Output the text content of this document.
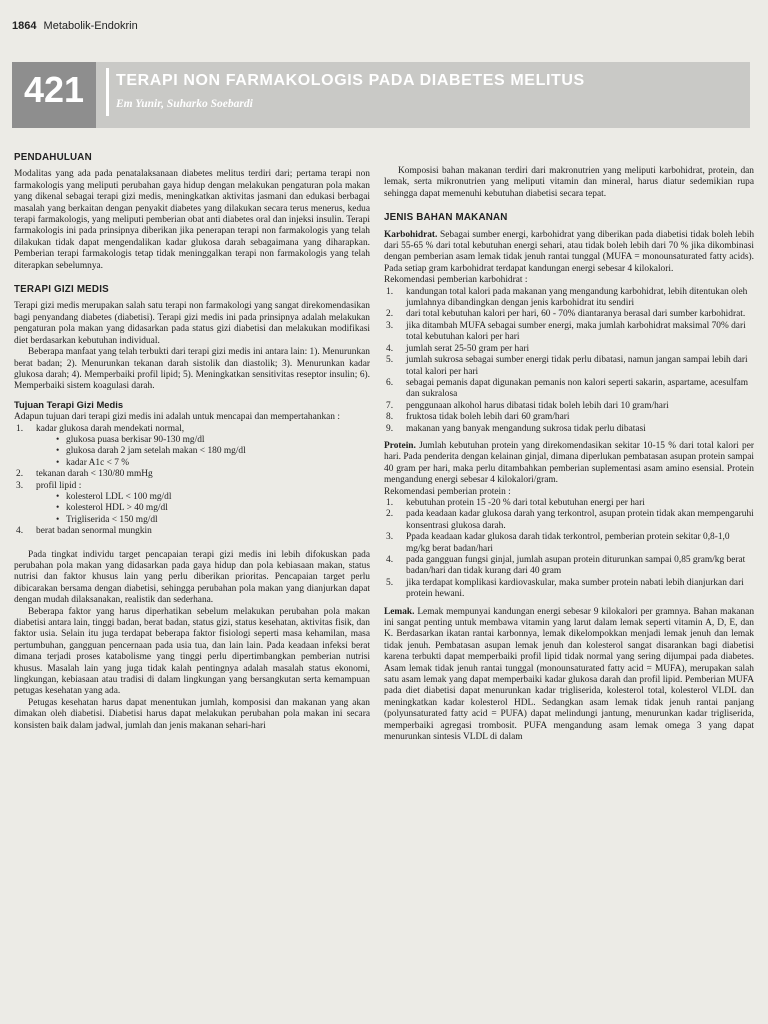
1864 Metabolik-Endokrin
421	TERAPI NON FARMAKOLOGIS PADA DIABETES MELITUS
Em Yunir, Suharko Soebardi
PENDAHULUAN

Modalitas yang ada pada penatalaksanaan diabetes melitus terdiri dari; pertama terapi non farmakologis yang meliputi perubahan gaya hidup dengan melakukan pengaturan pola makan yang dikenal sebagai terapi gizi medis, meningkatkan aktivitas jasmani dan edukasi berbagai masalah yang berkaitan dengan penyakit diabetes yang dilakukan secara terus menerus, kedua terapi farmakologis, yang meliputi pemberian obat anti diabetes oral dan injeksi insulin. Terapi farmakologis ini pada prinsipnya diberikan jika penerapan terapi non farmakologis yang telah dilakukan tidak dapat mengendalikan kadar glukosa darah sebagaimana yang diharapkan. Pemberian terapi farmakologis tetap tidak meninggalkan terapi non farmakologis yang telah diterapkan sebelumnya.

TERAPI GIZI MEDIS

Terapi gizi medis merupakan salah satu terapi non farmakologi yang sangat direkomendasikan bagi penyandang diabetes (diabetisi). Terapi gizi medis ini pada prinsipnya adalah melakukan pengaturan pola makan yang didasarkan pada status gizi diabetisi dan melakukan modifikasi diet berdasarkan kebutuhan individual.

Beberapa manfaat yang telah terbukti dari terapi gizi medis ini antara lain: 1). Menurunkan berat badan; 2). Menurunkan tekanan darah sistolik dan diastolik; 3). Menurunkan kadar glukosa darah; 4). Memperbaiki profil lipid; 5). Meningkatkan sensitivitas reseptor insulin; 6). Memperbaiki sistem koagulasi darah.

Tujuan Terapi Gizi Medis

Adapun tujuan dari terapi gizi medis ini adalah untuk mencapai dan mempertahankan :

1. kadar glukosa darah mendekati normal,
• glukosa puasa berkisar 90-130 mg/dl
• glukosa darah 2 jam setelah makan < 180 mg/dl
• kadar A1c < 7 %
2. tekanan darah < 130/80 mmHg
3. profil lipid :
• kolesterol LDL < 100 mg/dl
• kolesterol HDL > 40 mg/dl
• Trigliserida < 150 mg/dl
4. berat badan senormal mungkin

Pada tingkat individu target pencapaian terapi gizi medis ini lebih difokuskan pada perubahan pola makan yang didasarkan pada gaya hidup dan pola kebiasaan makan, status nutrisi dan faktor khusus lain yang perlu diberikan prioritas. Pencapaian target perlu dibicarakan bersama dengan diabetisi, sehingga perubahan pola makan yang dianjurkan dapat dengan mudah dilaksanakan, realistik dan sederhana.

Beberapa faktor yang harus diperhatikan sebelum melakukan perubahan pola makan diabetisi antara lain, tinggi badan, berat badan, status gizi, status kesehatan, aktivitas fisik, dan faktor usia. Selain itu juga terdapat beberapa faktor fisiologi seperti masa kehamilan, masa pertumbuhan, gangguan pencernaan pada usia tua, dan lain lain. Pada keadaan infeksi berat dimana terjadi proses katabolisme yang tinggi perlu dipertimbangkan pemberian nutrisi khusus. Masalah lain yang juga tidak kalah pentingnya adalah masalah status ekonomi, lingkungan, kebiasaan atau tradisi di dalam lingkungan yang bersangkutan serta kemampuan petugas kesehatan yang ada.

Petugas kesehatan harus dapat menentukan jumlah, komposisi dan makanan yang akan dimakan oleh diabetisi. Diabetisi harus dapat melakukan perubahan pola makan ini secara konsisten baik dalam jadwal, jumlah dan jenis makanan sehari-hari

Komposisi bahan makanan terdiri dari makronutrien yang meliputi karbohidrat, protein, dan lemak, serta mikronutrien yang meliputi vitamin dan mineral, harus diatur sedemikian rupa sehingga dapat memenuhi kebutuhan diabetisi secara tepat.

JENIS BAHAN MAKANAN

Karbohidrat. Sebagai sumber energi, karbohidrat yang diberikan pada diabetisi tidak boleh lebih dari 55-65 % dari total kebutuhan energi sehari, atau tidak boleh lebih dari 70 % jika dikombinasi dengan pemberian asam lemak tidak jenuh rantai tunggal (MUFA = monounsaturated fatty acids). Pada setiap gram karbohidrat terdapat kandungan energi sebesar 4 kilokalori.

Rekomendasi pemberian karbohidrat :

1. kandungan total kalori pada makanan yang mengandung karbohidrat, lebih ditentukan oleh jumlahnya dibandingkan dengan jenis karbohidrat itu sendiri
2. dari total kebutuhan kalori per hari, 60 - 70% diantaranya berasal dari sumber karbohidrat.
3. jika ditambah MUFA sebagai sumber energi, maka jumlah karbohidrat maksimal 70% dari total kebutuhan kalori per hari
4. jumlah serat 25-50 gram per hari
5. jumlah sukrosa sebagai sumber energi tidak perlu dibatasi, namun jangan sampai lebih dari total kalori per hari
6. sebagai pemanis dapat digunakan pemanis non kalori seperti sakarin, aspartame, acesulfam dan sukralosa
7. penggunaan alkohol harus dibatasi tidak boleh lebih dari 10 gram/hari
8. fruktosa tidak boleh lebih dari 60 gram/hari
9. makanan yang banyak mengandung sukrosa tidak perlu dibatasi

Protein. Jumlah kebutuhan protein yang direkomendasikan sekitar 10-15 % dari total kalori per hari. Pada penderita dengan kelainan ginjal, dimana diperlukan pembatasan asupan protein sampai 40 gram per hari, maka perlu ditambahkan pemberian suplementasi asam amino esensial. Protein mengandung energi sebesar 4 kilokalori/gram.

Rekomendasi pemberian protein :

1. kebutuhan protein 15 -20 % dari total kebutuhan energi per hari
2. pada keadaan kadar glukosa darah yang terkontrol, asupan protein tidak akan mempengaruhi konsentrasi glukosa darah.
3. Ppada keadaan kadar glukosa darah tidak terkontrol, pemberian protein sekitar 0,8-1,0 mg/kg berat badan/hari
4. pada gangguan fungsi ginjal, jumlah asupan protein diturunkan sampai 0,85 gram/kg berat badan/hari dan tidak kurang dari 40 gram
5. jika terdapat komplikasi kardiovaskular, maka sumber protein nabati lebih dianjurkan dari protein hewani.

Lemak. Lemak mempunyai kandungan energi sebesar 9 kilokalori per gramnya. Bahan makanan ini sangat penting untuk membawa vitamin yang larut dalam lemak seperti vitamin A, D, E, dan K. Berdasarkan ikatan rantai karbonnya, lemak dikelompokkan menjadi lemak jenuh dan lemak tidak jenuh. Pembatasan asupan lemak jenuh dan kolesterol sangat disarankan bagi diabetisi karena terbukti dapat memperbaiki profil lipid tidak normal yang sering dijumpai pada diabetes. Asam lemak tidak jenuh rantai tunggal (monounsaturated fatty acid = MUFA), merupakan salah satu asam lemak yang dapat memperbaiki kadar glukosa darah dan profil lipid. Pemberian MUFA pada diet diabetisi dapat menurunkan kadar trigliserida, kolesterol total, kolesterol VLDL dan meningkatkan kadar kolesterol HDL. Sedangkan asam lemak tidak jenuh rantai panjang (polyunsaturated fatty acid = PUFA) dapat melindungi jantung, menurunkan kadar trigliserida, memperbaiki agregasi trombosit. PUFA mengandung asam lemak omega 3 yang dapat menurunkan sintesis VLDL di dalam
